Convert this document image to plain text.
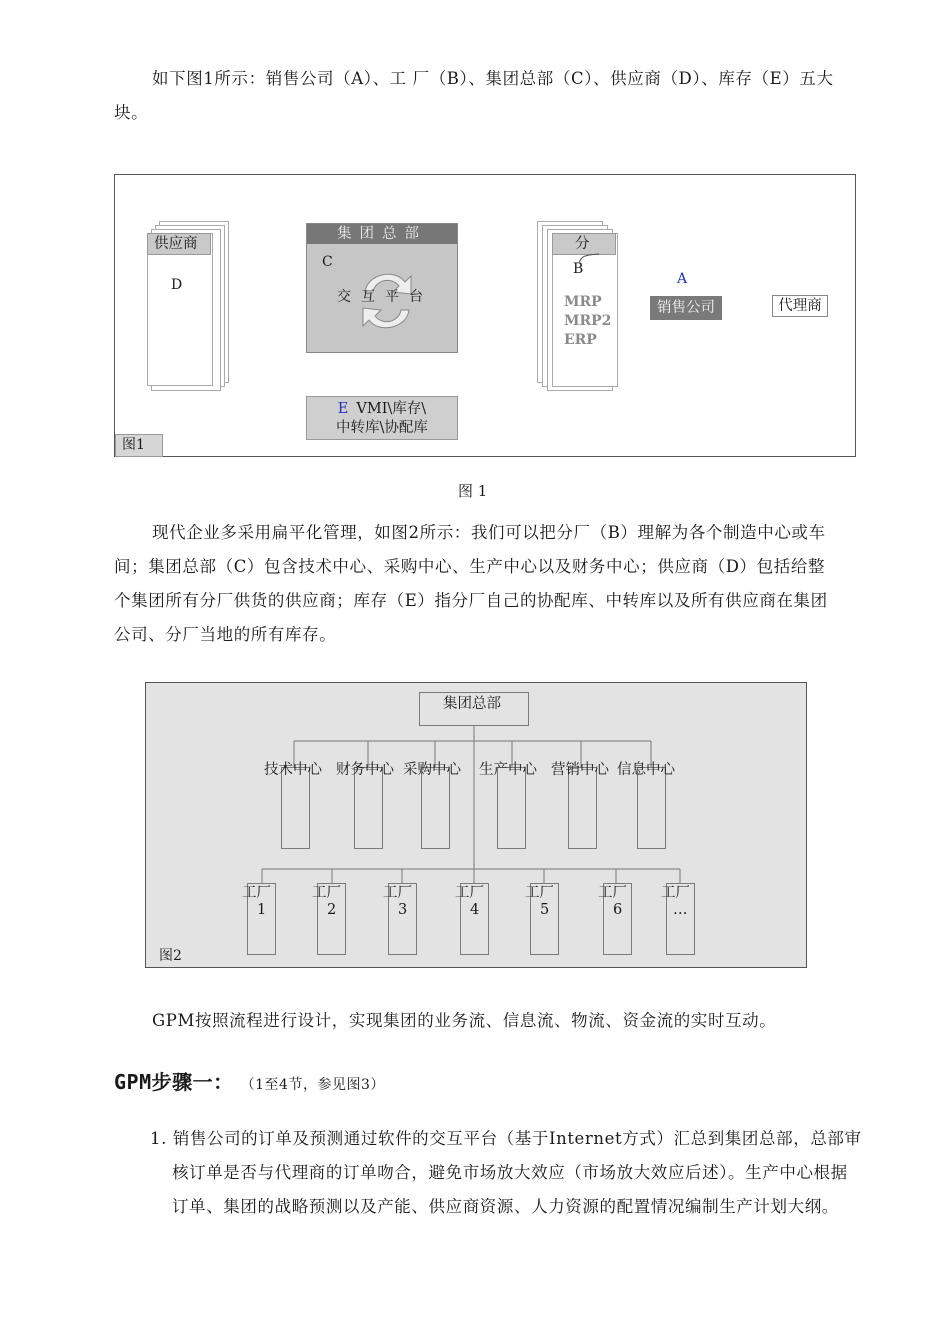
如下图1所示：销售公司（A）、工 厂（B）、集团总部（C）、供应商（D）、库存（E）五大块。

供应商
D
集团总部
C
交互平台
分
B
MRP
MRP2
ERP
A
销售公司	代理商
E VMI\库存\
中转库\协配库
图1
图 1

现代企业多采用扁平化管理，如图2所示：我们可以把分厂（B）理解为各个制造中心或车间；集团总部（C）包含技术中心、采购中心、生产中心以及财务中心；供应商（D）包括给整个集团所有分厂供货的供应商；库存（E）指分厂自己的协配库、中转库以及所有供应商在集团公司、分厂当地的所有库存。

集团总部
技术中心 财务中心 采购中心 生产中心 营销中心 信息中心
工厂	工厂	工厂	工厂	工厂	工厂 工厂
1	2	3	4	5	6	…
图2

GPM按照流程进行设计，实现集团的业务流、信息流、物流、资金流的实时互动。

GPM步骤一： （1至4节，参见图3）

1. 销售公司的订单及预测通过软件的交互平台（基于Internet方式）汇总到集团总部，总部审核订单是否与代理商的订单吻合，避免市场放大效应（市场放大效应后述）。生产中心根据订单、集团的战略预测以及产能、供应商资源、人力资源的配置情况编制生产计划大纲。
